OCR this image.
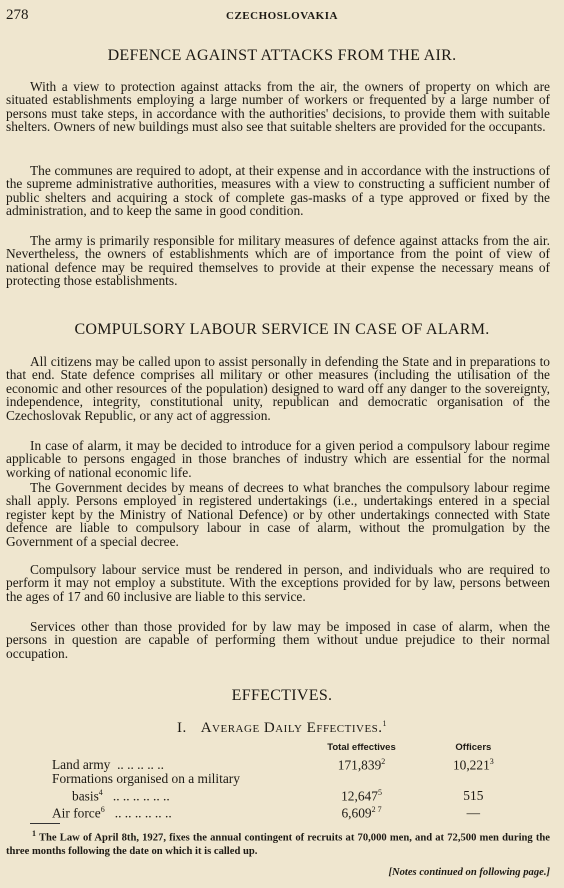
278	CZECHOSLOVAKIA
DEFENCE AGAINST ATTACKS FROM THE AIR.

With a view to protection against attacks from the air, the owners of property on which are situated establishments employing a large number of workers or frequented by a large number of persons must take steps, in accordance with the authorities' decisions, to provide them with suitable shelters. Owners of new buildings must also see that suitable shelters are provided for the occupants.

The communes are required to adopt, at their expense and in accordance with the instructions of the supreme administrative authorities, measures with a view to constructing a sufficient number of public shelters and acquiring a stock of complete gas-masks of a type approved or fixed by the administration, and to keep the same in good condition.

The army is primarily responsible for military measures of defence against attacks from the air. Nevertheless, the owners of establishments which are of importance from the point of view of national defence may be required themselves to provide at their expense the necessary means of protecting those establishments.

COMPULSORY LABOUR SERVICE IN CASE OF ALARM.

All citizens may be called upon to assist personally in defending the State and in preparations to that end. State defence comprises all military or other measures (including the utilisation of the economic and other resources of the population) designed to ward off any danger to the sovereignty, independence, integrity, constitutional unity, republican and democratic organisation of the Czechoslovak Republic, or any act of aggression.

In case of alarm, it may be decided to introduce for a given period a compulsory labour regime applicable to persons engaged in those branches of industry which are essential for the normal working of national economic life.

The Government decides by means of decrees to what branches the compulsory labour regime shall apply. Persons employed in registered undertakings (i.e., undertakings entered in a special register kept by the Ministry of National Defence) or by other undertakings connected with State defence are liable to compulsory labour in case of alarm, without the promulgation by the Government of a special decree.

Compulsory labour service must be rendered in person, and individuals who are required to perform it may not employ a substitute. With the exceptions provided for by law, persons between the ages of 17 and 60 inclusive are liable to this service.

Services other than those provided for by law may be imposed in case of alarm, when the persons in question are capable of performing them without undue prejudice to their normal occupation.

EFFECTIVES.
I. Average Daily Effectives.$^1$
	Total effectives	Officers
Land army .. .. .. .. ..	171,839$^2$	10,221$^3$
Formations organised on a military		
basis$^4$ .. .. .. .. .. ..	12,647$^5$	515
Air force$^6$ .. .. .. .. .. ..	$6,609^{2 7}$	—

$^1$ The Law of April 8th, 1927, fixes the annual contingent of recruits at 70,000 men, and at 72,500 men during the three months following the date on which it is called up.

[Notes continued on following page.]
